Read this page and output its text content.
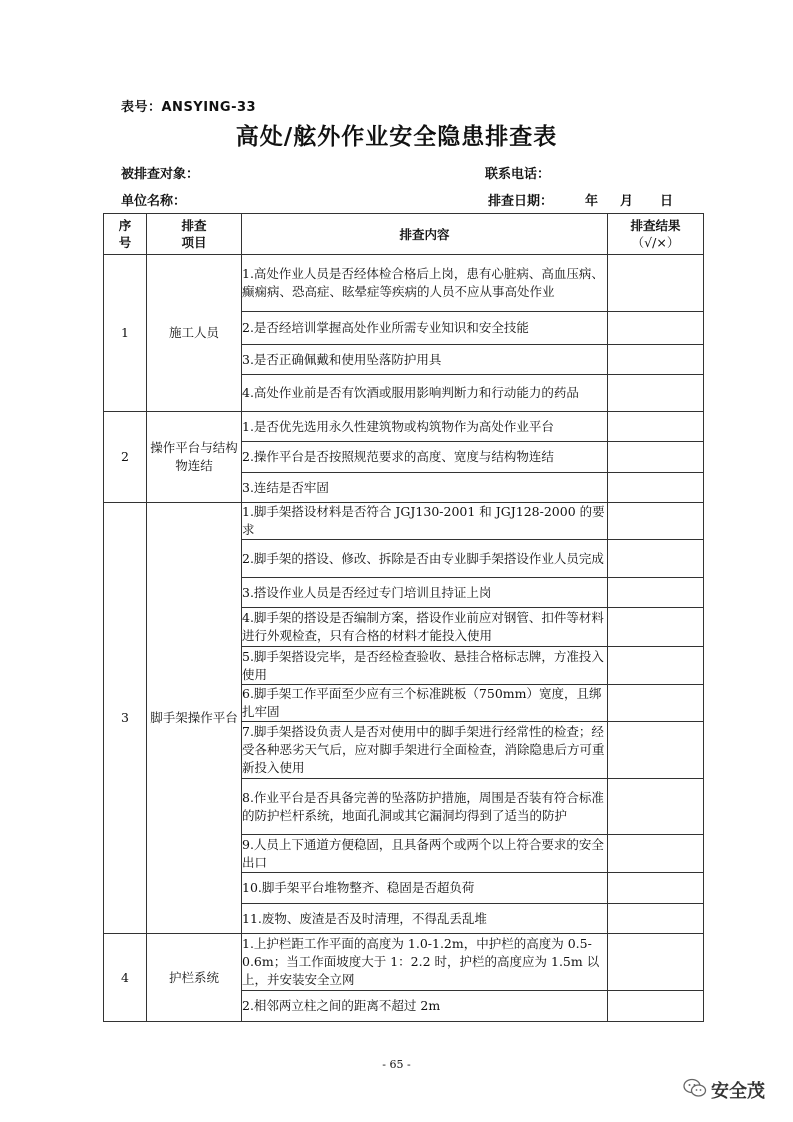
表号：ANSYING-33
高处/舷外作业安全隐患排查表
被排查对象：	联系电话：
单位名称：	排查日期： 年 月 日
序号	排查项目	排查内容	排查结果
（√/×）

1	施工人员	1.高处作业人员是否经体检合格后上岗，患有心脏病、高血压病、癫痫病、恐高症、眩晕症等疾病的人员不应从事高处作业	
		2.是否经培训掌握高处作业所需专业知识和安全技能	
		3.是否正确佩戴和使用坠落防护用具	
		4.高处作业前是否有饮酒或服用影响判断力和行动能力的药品	
2	操作平台与结构物连结	1.是否优先选用永久性建筑物或构筑物作为高处作业平台	
		2.操作平台是否按照规范要求的高度、宽度与结构物连结	
		3.连结是否牢固	
3	脚手架操作平台	1.脚手架搭设材料是否符合 JGJ130-2001 和 JGJ128-2000 的要求	
		2.脚手架的搭设、修改、拆除是否由专业脚手架搭设作业人员完成	
		3.搭设作业人员是否经过专门培训且持证上岗	
		4.脚手架的搭设是否编制方案，搭设作业前应对钢管、扣件等材料进行外观检查，只有合格的材料才能投入使用	
		5.脚手架搭设完毕，是否经检查验收、悬挂合格标志牌，方准投入使用	
		6.脚手架工作平面至少应有三个标准跳板（750mm）宽度，且绑扎牢固	
		7.脚手架搭设负责人是否对使用中的脚手架进行经常性的检查；经受各种恶劣天气后，应对脚手架进行全面检查，消除隐患后方可重新投入使用	
		8.作业平台是否具备完善的坠落防护措施，周围是否装有符合标准的防护栏杆系统，地面孔洞或其它漏洞均得到了适当的防护	
		9.人员上下通道方便稳固，且具备两个或两个以上符合要求的安全出口	
		10.脚手架平台堆物整齐、稳固是否超负荷	
		11.废物、废渣是否及时清理，不得乱丢乱堆	
4	护栏系统	1.上护栏距工作平面的高度为 1.0-1.2m，中护栏的高度为 0.5-0.6m；当工作面坡度大于 1：2.2 时，护栏的高度应为 1.5m 以上，并安装安全立网	
		2.相邻两立柱之间的距离不超过 2m	
- 65 -
安全茂
